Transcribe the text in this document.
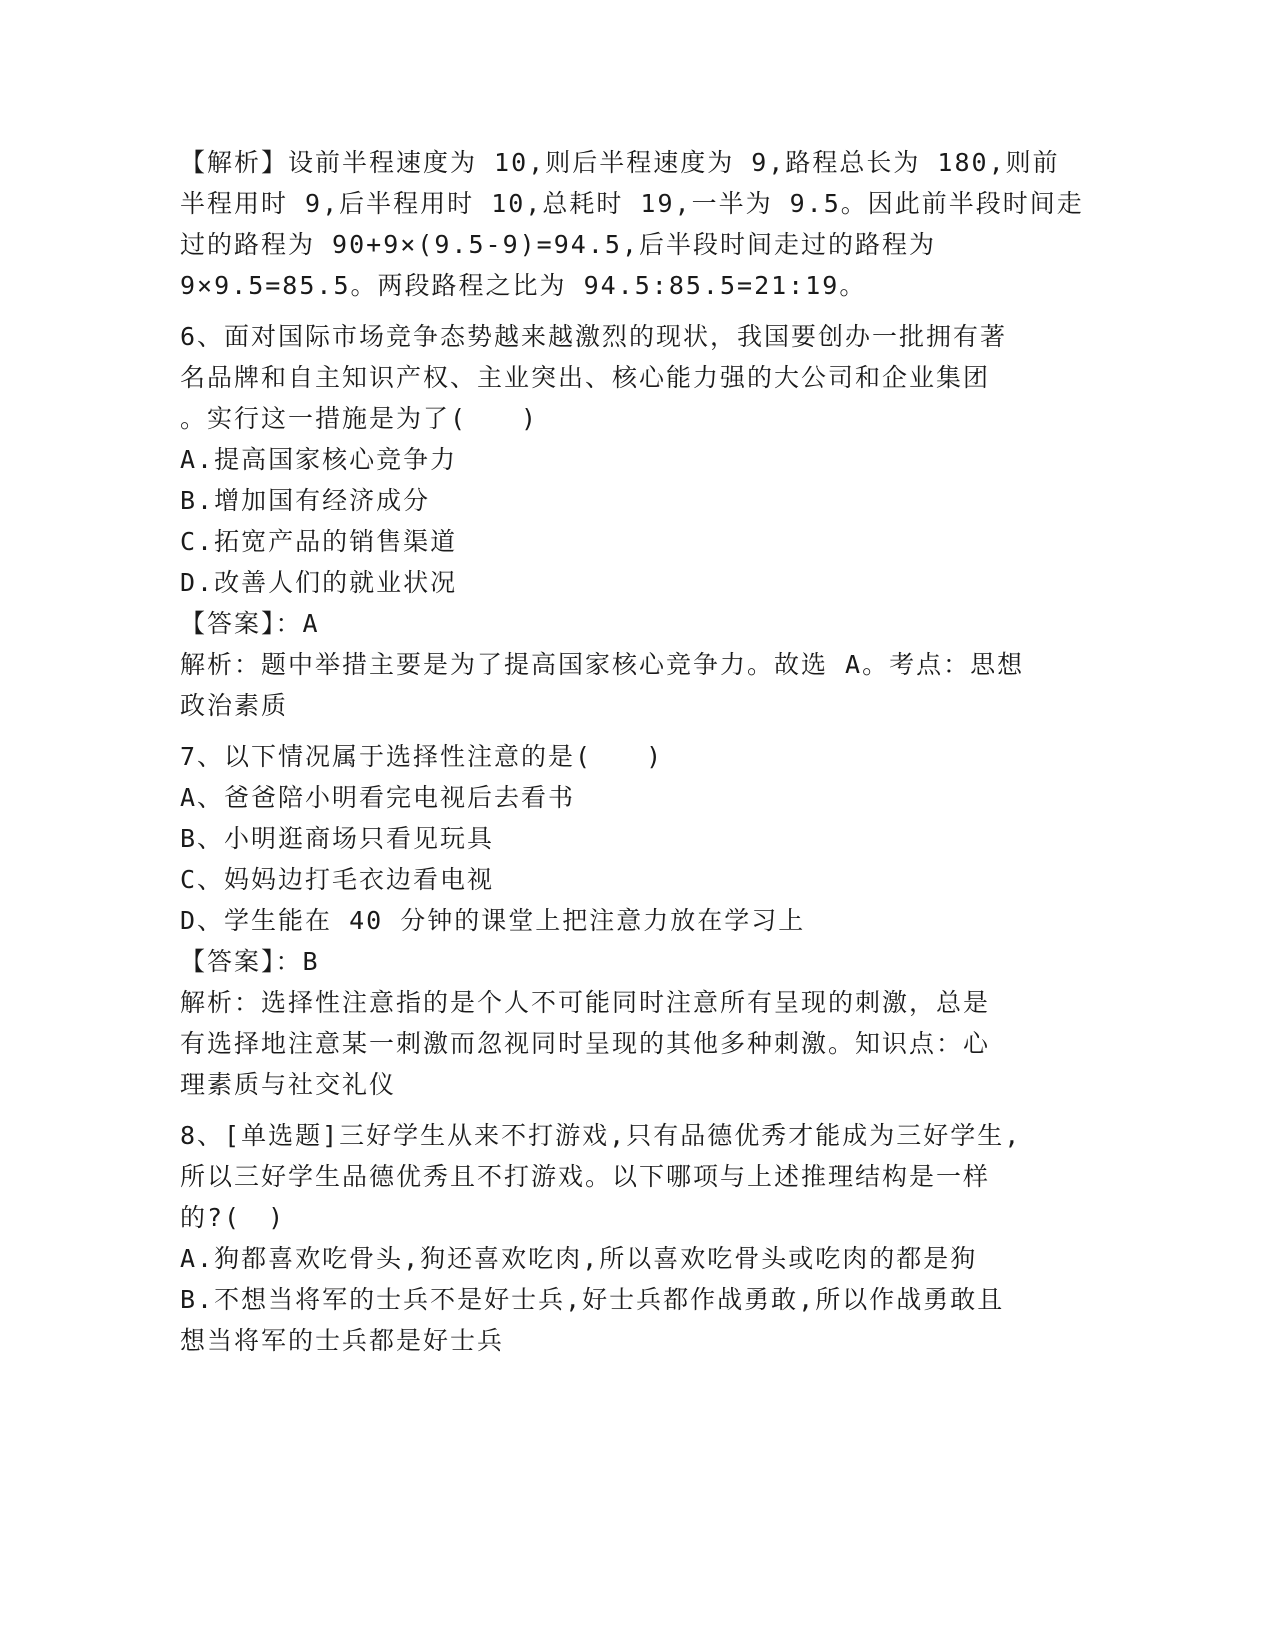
【解析】设前半程速度为 10,则后半程速度为 9,路程总长为 180,则前
半程用时 9,后半程用时 10,总耗时 19,一半为 9.5。因此前半段时间走
过的路程为 90+9×(9.5-9)=94.5,后半段时间走过的路程为
9×9.5=85.5。两段路程之比为 94.5:85.5=21:19。
6、面对国际市场竞争态势越来越激烈的现状，我国要创办一批拥有著
名品牌和自主知识产权、主业突出、核心能力强的大公司和企业集团
。实行这一措施是为了(　　)
A.提高国家核心竞争力
B.增加国有经济成分
C.拓宽产品的销售渠道
D.改善人们的就业状况
【答案】：A
解析：题中举措主要是为了提高国家核心竞争力。故选 A。考点：思想
政治素质
7、以下情况属于选择性注意的是(　　)
A、爸爸陪小明看完电视后去看书
B、小明逛商场只看见玩具
C、妈妈边打毛衣边看电视
D、学生能在 40 分钟的课堂上把注意力放在学习上
【答案】：B
解析：选择性注意指的是个人不可能同时注意所有呈现的刺激，总是
有选择地注意某一刺激而忽视同时呈现的其他多种刺激。知识点：心
理素质与社交礼仪
8、[单选题]三好学生从来不打游戏,只有品德优秀才能成为三好学生,
所以三好学生品德优秀且不打游戏。以下哪项与上述推理结构是一样
的?(　)
A.狗都喜欢吃骨头,狗还喜欢吃肉,所以喜欢吃骨头或吃肉的都是狗
B.不想当将军的士兵不是好士兵,好士兵都作战勇敢,所以作战勇敢且
想当将军的士兵都是好士兵
